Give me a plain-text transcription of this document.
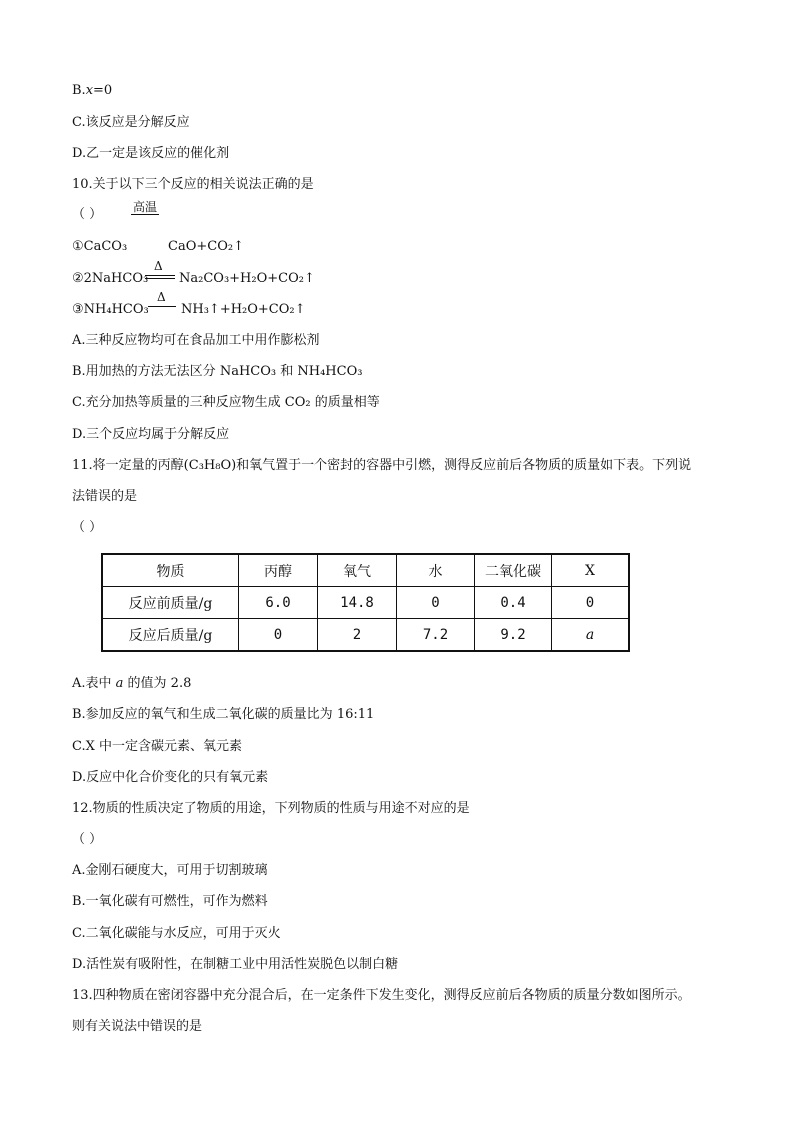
B.x=0
C.该反应是分解反应
D.乙一定是该反应的催化剂
10.关于以下三个反应的相关说法正确的是
（ ）	高温
①CaCO₃	CaO+CO₂↑
Δ
②2NaHCO₃ Na₂CO₃+H₂O+CO₂↑
Δ
③NH₄HCO₃ NH₃↑+H₂O+CO₂↑
A.三种反应物均可在食品加工中用作膨松剂
B.用加热的方法无法区分 NaHCO₃ 和 NH₄HCO₃
C.充分加热等质量的三种反应物生成 CO₂ 的质量相等
D.三个反应均属于分解反应
11.将一定量的丙醇(C₃H₈O)和氧气置于一个密封的容器中引燃，测得反应前后各物质的质量如下表。下列说
法错误的是
（ ）
物质	丙醇	氧气	水	二氧化碳	X
反应前质量/g	6.0	14.8	0	0.4	0
反应后质量/g	0	2	7.2	9.2	a
A.表中 a 的值为 2.8
B.参加反应的氧气和生成二氧化碳的质量比为 16:11
C.X 中一定含碳元素、氧元素
D.反应中化合价变化的只有氧元素
12.物质的性质决定了物质的用途，下列物质的性质与用途不对应的是
（ ）
A.金刚石硬度大，可用于切割玻璃
B.一氧化碳有可燃性，可作为燃料
C.二氧化碳能与水反应，可用于灭火
D.活性炭有吸附性，在制糖工业中用活性炭脱色以制白糖
13.四种物质在密闭容器中充分混合后，在一定条件下发生变化，测得反应前后各物质的质量分数如图所示。
则有关说法中错误的是
